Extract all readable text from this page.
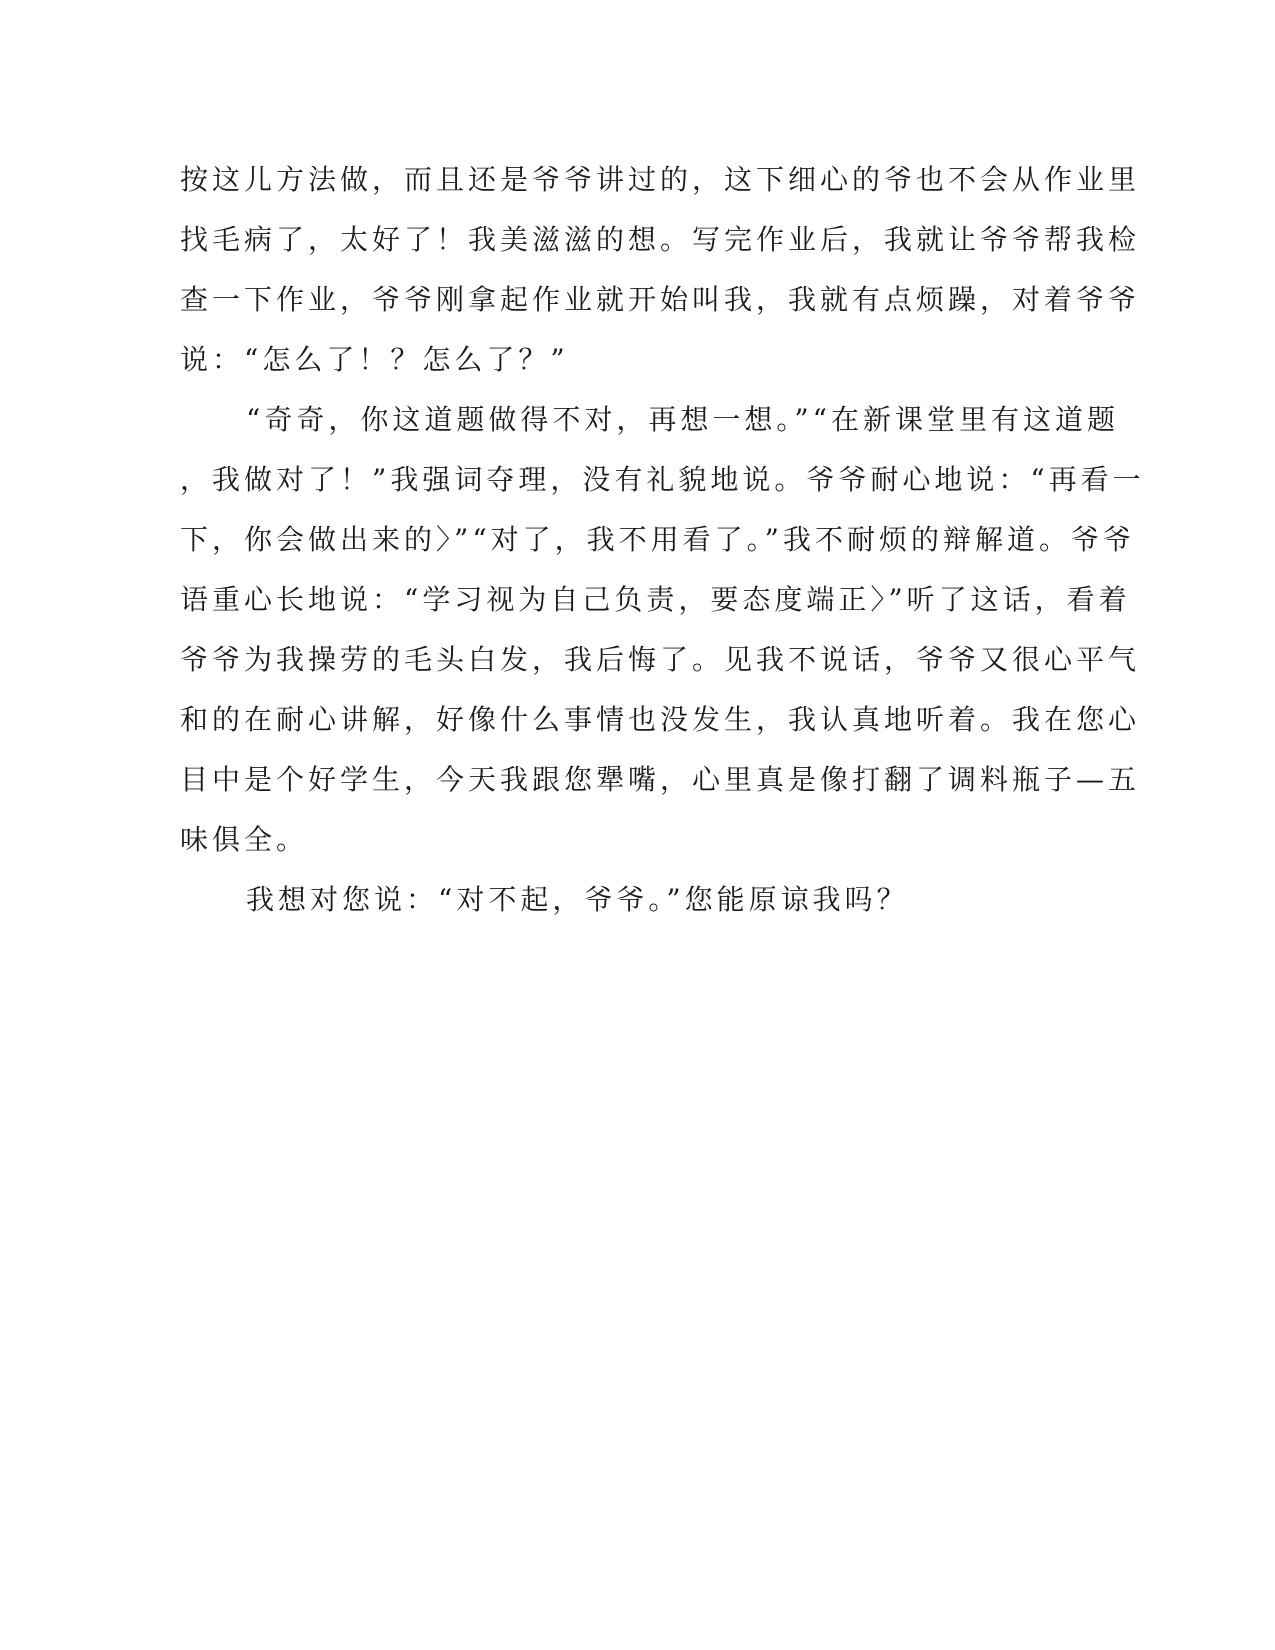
按这儿方法做，而且还是爷爷讲过的，这下细心的爷也不会从作业里
找毛病了，太好了！我美滋滋的想。写完作业后，我就让爷爷帮我检
查一下作业，爷爷刚拿起作业就开始叫我，我就有点烦躁，对着爷爷
说：“怎么了！？怎么了？”
“奇奇，你这道题做得不对，再想一想。”“在新课堂里有这道题
，我做对了！”我强词夺理，没有礼貌地说。爷爷耐心地说：“再看一
下，你会做出来的〉”“对了，我不用看了。”我不耐烦的辩解道。爷爷
语重心长地说：“学习视为自己负责，要态度端正〉”听了这话，看着
爷爷为我操劳的毛头白发，我后悔了。见我不说话，爷爷又很心平气
和的在耐心讲解，好像什么事情也没发生，我认真地听着。我在您心
目中是个好学生，今天我跟您犟嘴，心里真是像打翻了调料瓶子—五
味俱全。
我想对您说：“对不起，爷爷。”您能原谅我吗？
